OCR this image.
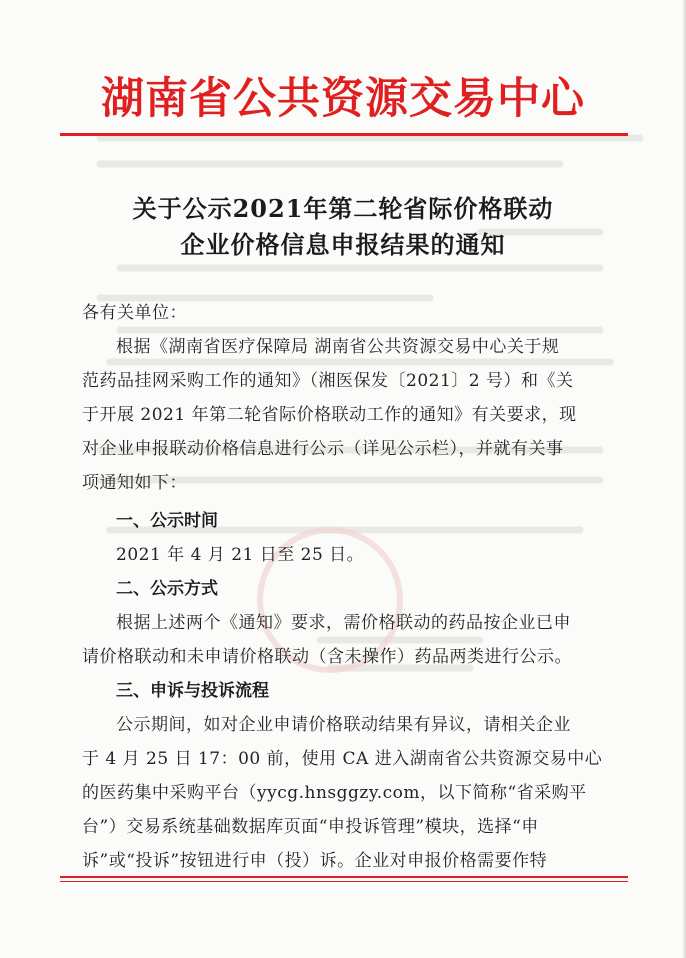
湖南省公共资源交易中心
关于公示2021年第二轮省际价格联动
企业价格信息申报结果的通知
各有关单位：
根据《湖南省医疗保障局 湖南省公共资源交易中心关于规
范药品挂网采购工作的通知》（湘医保发〔2021〕2 号）和《关
于开展 2021 年第二轮省际价格联动工作的通知》有关要求，现
对企业申报联动价格信息进行公示（详见公示栏），并就有关事
项通知如下：
一、公示时间
2021 年 4 月 21 日至 25 日。
二、公示方式
根据上述两个《通知》要求，需价格联动的药品按企业已申
请价格联动和未申请价格联动（含未操作）药品两类进行公示。
三、申诉与投诉流程
公示期间，如对企业申请价格联动结果有异议，请相关企业
于 4 月 25 日 17：00 前，使用 CA 进入湖南省公共资源交易中心
的医药集中采购平台（yycg.hnsggzy.com，以下简称“省采购平
台”）交易系统基础数据库页面“申投诉管理”模块，选择“申
诉”或“投诉”按钮进行申（投）诉。企业对申报价格需要作特
